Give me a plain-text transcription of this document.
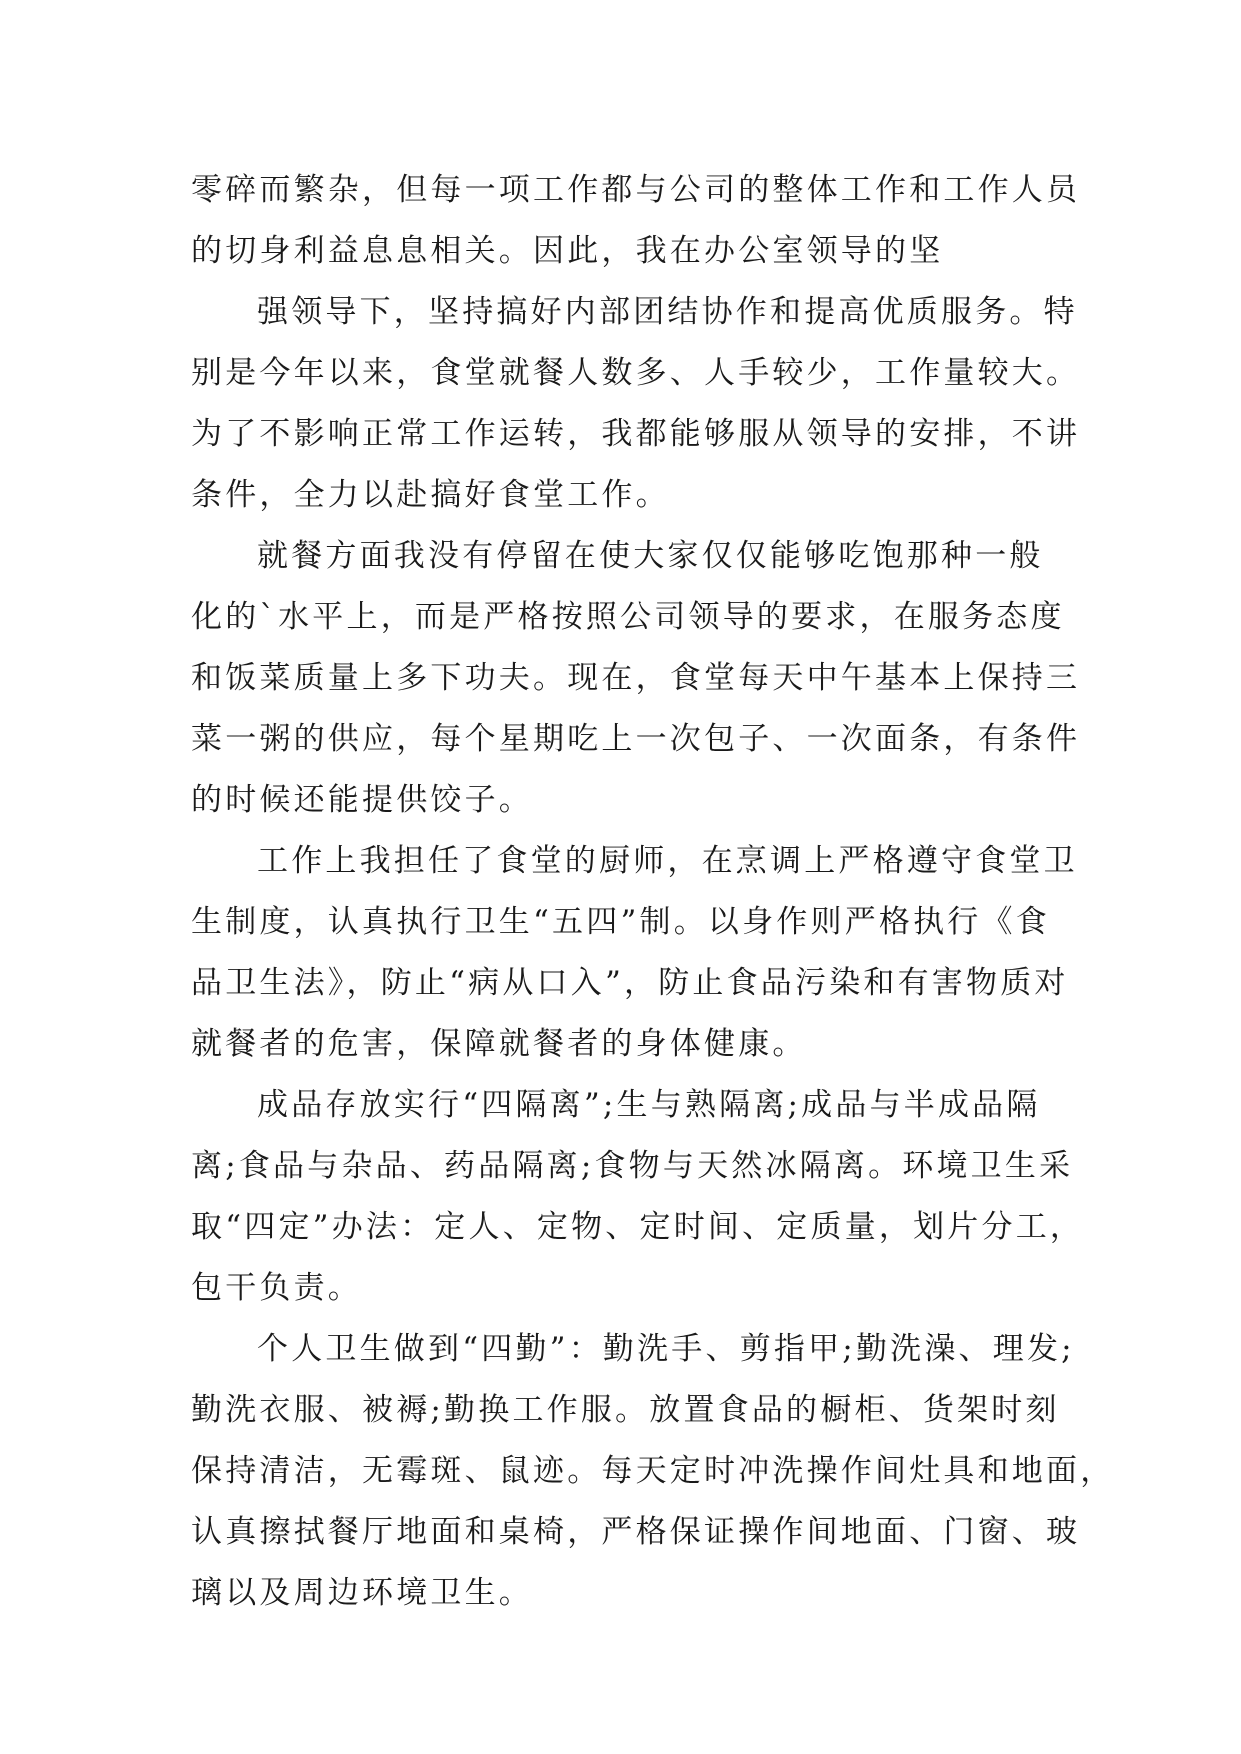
零碎而繁杂，但每一项工作都与公司的整体工作和工作人员
的切身利益息息相关。因此，我在办公室领导的坚
强领导下，坚持搞好内部团结协作和提高优质服务。特
别是今年以来，食堂就餐人数多、人手较少，工作量较大。
为了不影响正常工作运转，我都能够服从领导的安排，不讲
条件，全力以赴搞好食堂工作。
就餐方面我没有停留在使大家仅仅能够吃饱那种一般
化的`水平上，而是严格按照公司领导的要求，在服务态度
和饭菜质量上多下功夫。现在，食堂每天中午基本上保持三
菜一粥的供应，每个星期吃上一次包子、一次面条，有条件
的时候还能提供饺子。
工作上我担任了食堂的厨师，在烹调上严格遵守食堂卫
生制度，认真执行卫生“五四”制。以身作则严格执行《食
品卫生法》，防止“病从口入”，防止食品污染和有害物质对
就餐者的危害，保障就餐者的身体健康。
成品存放实行“四隔离”;生与熟隔离;成品与半成品隔
离;食品与杂品、药品隔离;食物与天然冰隔离。环境卫生采
取“四定”办法：定人、定物、定时间、定质量，划片分工，
包干负责。
个人卫生做到“四勤”：勤洗手、剪指甲;勤洗澡、理发;
勤洗衣服、被褥;勤换工作服。放置食品的橱柜、货架时刻
保持清洁，无霉斑、鼠迹。每天定时冲洗操作间灶具和地面，
认真擦拭餐厅地面和桌椅，严格保证操作间地面、门窗、玻
璃以及周边环境卫生。
